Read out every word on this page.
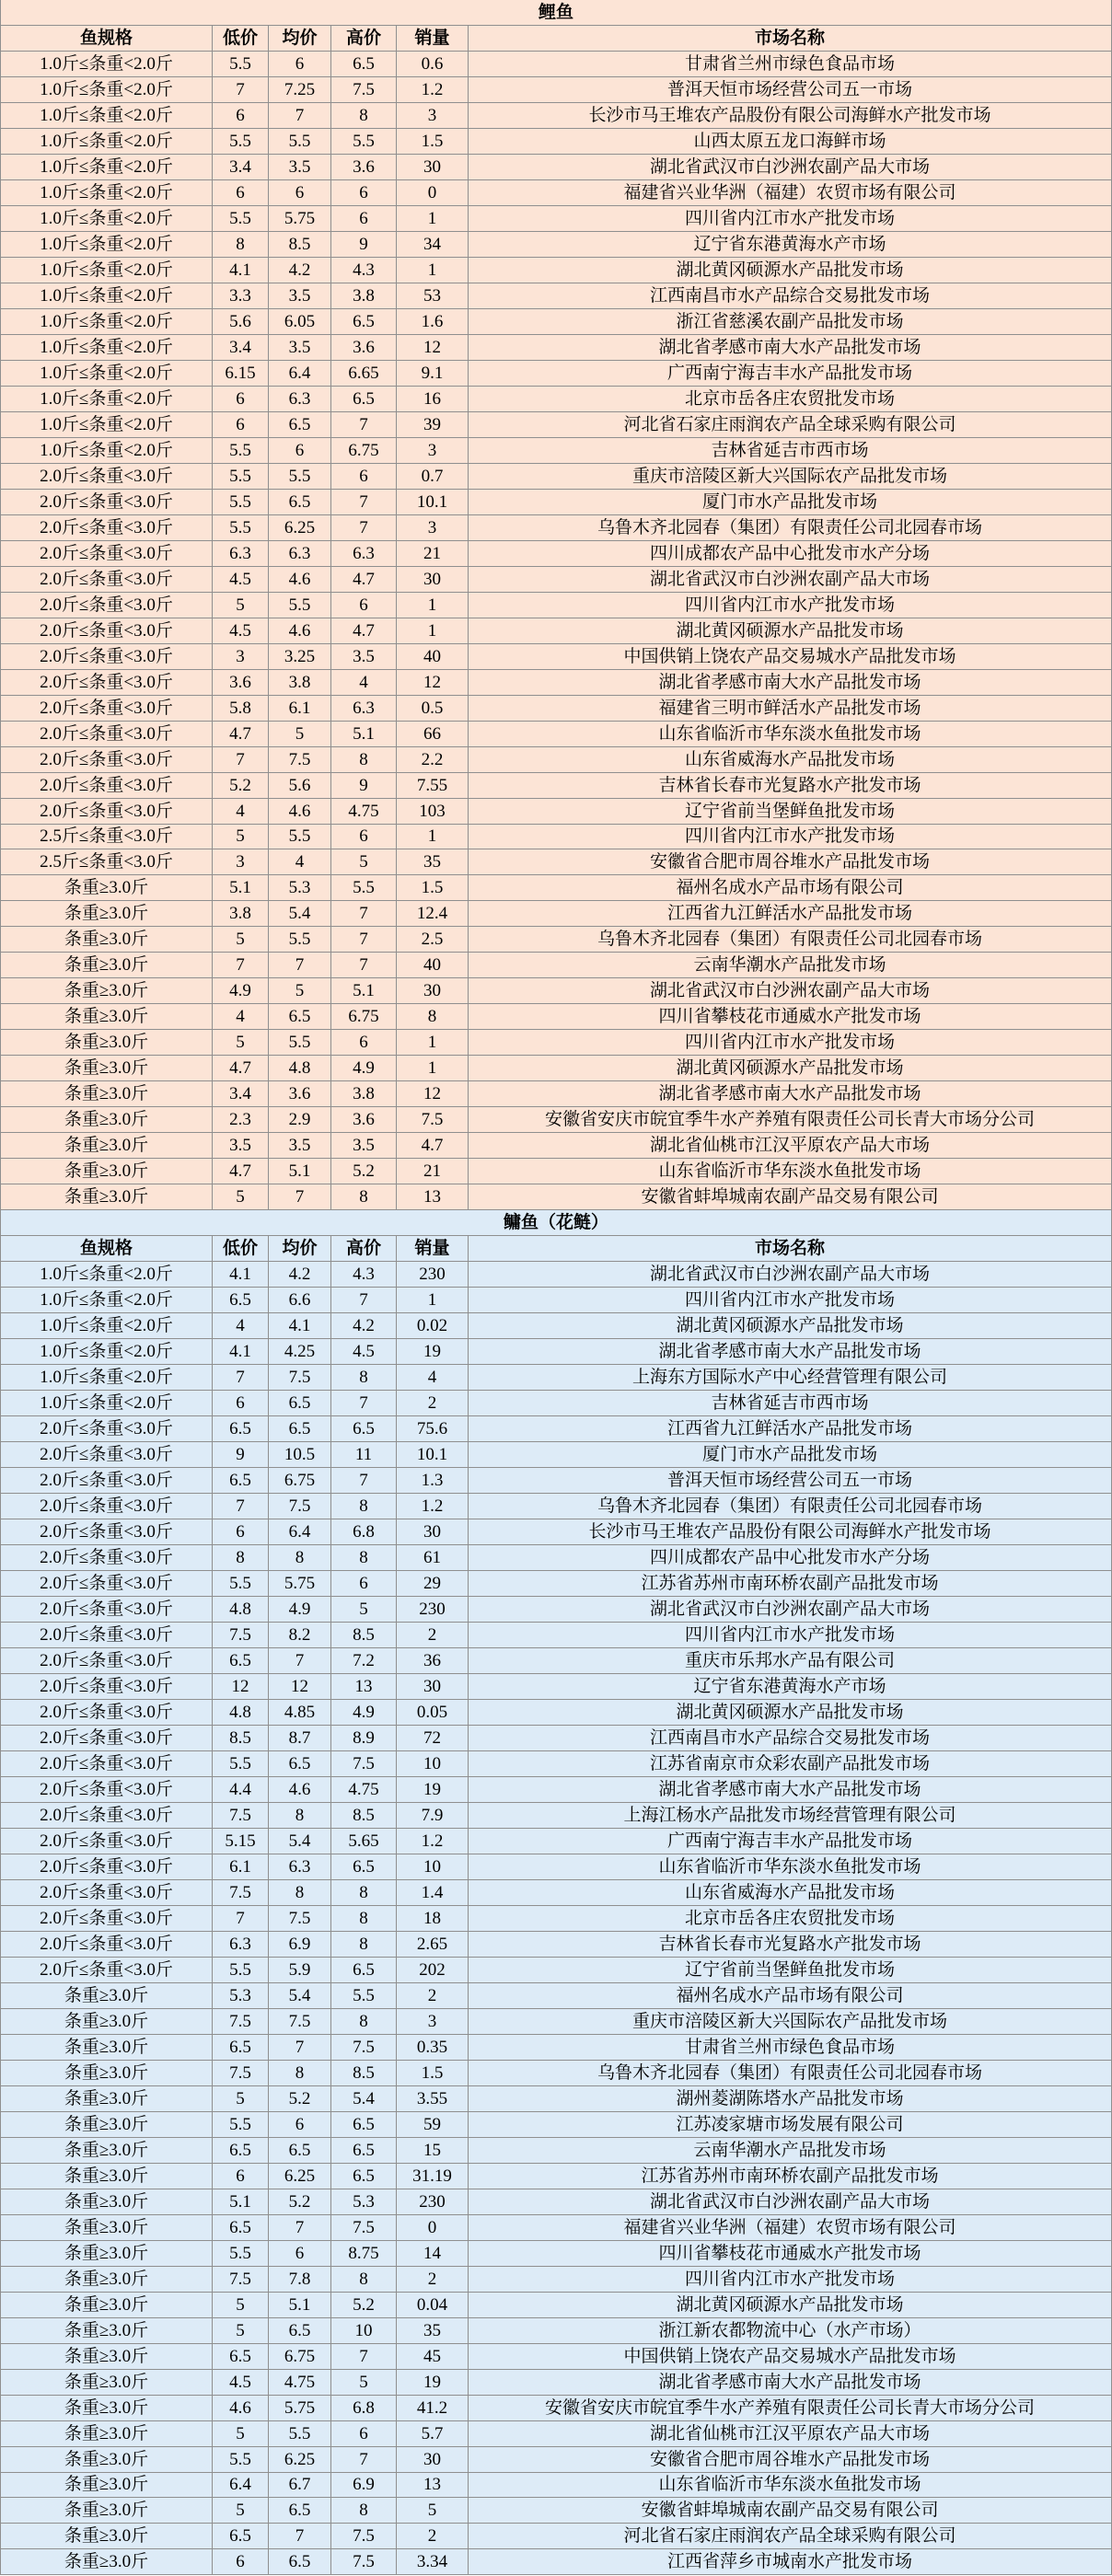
鲤鱼
鱼规格	低价	均价	高价	销量	市场名称
1.0斤≤条重<2.0斤	5.5	6	6.5	0.6	甘肃省兰州市绿色食品市场
1.0斤≤条重<2.0斤	7	7.25	7.5	1.2	普洱天恒市场经营公司五一市场
1.0斤≤条重<2.0斤	6	7	8	3	长沙市马王堆农产品股份有限公司海鲜水产批发市场
1.0斤≤条重<2.0斤	5.5	5.5	5.5	1.5	山西太原五龙口海鲜市场
1.0斤≤条重<2.0斤	3.4	3.5	3.6	30	湖北省武汉市白沙洲农副产品大市场
1.0斤≤条重<2.0斤	6	6	6	0	福建省兴业华洲（福建）农贸市场有限公司
1.0斤≤条重<2.0斤	5.5	5.75	6	1	四川省内江市水产批发市场
1.0斤≤条重<2.0斤	8	8.5	9	34	辽宁省东港黄海水产市场
1.0斤≤条重<2.0斤	4.1	4.2	4.3	1	湖北黄冈硕源水产品批发市场
1.0斤≤条重<2.0斤	3.3	3.5	3.8	53	江西南昌市水产品综合交易批发市场
1.0斤≤条重<2.0斤	5.6	6.05	6.5	1.6	浙江省慈溪农副产品批发市场
1.0斤≤条重<2.0斤	3.4	3.5	3.6	12	湖北省孝感市南大水产品批发市场
1.0斤≤条重<2.0斤	6.15	6.4	6.65	9.1	广西南宁海吉丰水产品批发市场
1.0斤≤条重<2.0斤	6	6.3	6.5	16	北京市岳各庄农贸批发市场
1.0斤≤条重<2.0斤	6	6.5	7	39	河北省石家庄雨润农产品全球采购有限公司
1.0斤≤条重<2.0斤	5.5	6	6.75	3	吉林省延吉市西市场
2.0斤≤条重<3.0斤	5.5	5.5	6	0.7	重庆市涪陵区新大兴国际农产品批发市场
2.0斤≤条重<3.0斤	5.5	6.5	7	10.1	厦门市水产品批发市场
2.0斤≤条重<3.0斤	5.5	6.25	7	3	乌鲁木齐北园春（集团）有限责任公司北园春市场
2.0斤≤条重<3.0斤	6.3	6.3	6.3	21	四川成都农产品中心批发市水产分场
2.0斤≤条重<3.0斤	4.5	4.6	4.7	30	湖北省武汉市白沙洲农副产品大市场
2.0斤≤条重<3.0斤	5	5.5	6	1	四川省内江市水产批发市场
2.0斤≤条重<3.0斤	4.5	4.6	4.7	1	湖北黄冈硕源水产品批发市场
2.0斤≤条重<3.0斤	3	3.25	3.5	40	中国供销上饶农产品交易城水产品批发市场
2.0斤≤条重<3.0斤	3.6	3.8	4	12	湖北省孝感市南大水产品批发市场
2.0斤≤条重<3.0斤	5.8	6.1	6.3	0.5	福建省三明市鲜活水产品批发市场
2.0斤≤条重<3.0斤	4.7	5	5.1	66	山东省临沂市华东淡水鱼批发市场
2.0斤≤条重<3.0斤	7	7.5	8	2.2	山东省威海水产品批发市场
2.0斤≤条重<3.0斤	5.2	5.6	9	7.55	吉林省长春市光复路水产批发市场
2.0斤≤条重<3.0斤	4	4.6	4.75	103	辽宁省前当堡鲜鱼批发市场
2.5斤≤条重<3.0斤	5	5.5	6	1	四川省内江市水产批发市场
2.5斤≤条重<3.0斤	3	4	5	35	安徽省合肥市周谷堆水产品批发市场
条重≥3.0斤	5.1	5.3	5.5	1.5	福州名成水产品市场有限公司
条重≥3.0斤	3.8	5.4	7	12.4	江西省九江鲜活水产品批发市场
条重≥3.0斤	5	5.5	7	2.5	乌鲁木齐北园春（集团）有限责任公司北园春市场
条重≥3.0斤	7	7	7	40	云南华潮水产品批发市场
条重≥3.0斤	4.9	5	5.1	30	湖北省武汉市白沙洲农副产品大市场
条重≥3.0斤	4	6.5	6.75	8	四川省攀枝花市通威水产批发市场
条重≥3.0斤	5	5.5	6	1	四川省内江市水产批发市场
条重≥3.0斤	4.7	4.8	4.9	1	湖北黄冈硕源水产品批发市场
条重≥3.0斤	3.4	3.6	3.8	12	湖北省孝感市南大水产品批发市场
条重≥3.0斤	2.3	2.9	3.6	7.5	安徽省安庆市皖宜季牛水产养殖有限责任公司长青大市场分公司
条重≥3.0斤	3.5	3.5	3.5	4.7	湖北省仙桃市江汉平原农产品大市场
条重≥3.0斤	4.7	5.1	5.2	21	山东省临沂市华东淡水鱼批发市场
条重≥3.0斤	5	7	8	13	安徽省蚌埠城南农副产品交易有限公司
鳙鱼（花鲢）
鱼规格	低价	均价	高价	销量	市场名称
1.0斤≤条重<2.0斤	4.1	4.2	4.3	230	湖北省武汉市白沙洲农副产品大市场
1.0斤≤条重<2.0斤	6.5	6.6	7	1	四川省内江市水产批发市场
1.0斤≤条重<2.0斤	4	4.1	4.2	0.02	湖北黄冈硕源水产品批发市场
1.0斤≤条重<2.0斤	4.1	4.25	4.5	19	湖北省孝感市南大水产品批发市场
1.0斤≤条重<2.0斤	7	7.5	8	4	上海东方国际水产中心经营管理有限公司
1.0斤≤条重<2.0斤	6	6.5	7	2	吉林省延吉市西市场
2.0斤≤条重<3.0斤	6.5	6.5	6.5	75.6	江西省九江鲜活水产品批发市场
2.0斤≤条重<3.0斤	9	10.5	11	10.1	厦门市水产品批发市场
2.0斤≤条重<3.0斤	6.5	6.75	7	1.3	普洱天恒市场经营公司五一市场
2.0斤≤条重<3.0斤	7	7.5	8	1.2	乌鲁木齐北园春（集团）有限责任公司北园春市场
2.0斤≤条重<3.0斤	6	6.4	6.8	30	长沙市马王堆农产品股份有限公司海鲜水产批发市场
2.0斤≤条重<3.0斤	8	8	8	61	四川成都农产品中心批发市水产分场
2.0斤≤条重<3.0斤	5.5	5.75	6	29	江苏省苏州市南环桥农副产品批发市场
2.0斤≤条重<3.0斤	4.8	4.9	5	230	湖北省武汉市白沙洲农副产品大市场
2.0斤≤条重<3.0斤	7.5	8.2	8.5	2	四川省内江市水产批发市场
2.0斤≤条重<3.0斤	6.5	7	7.2	36	重庆市乐邦水产品有限公司
2.0斤≤条重<3.0斤	12	12	13	30	辽宁省东港黄海水产市场
2.0斤≤条重<3.0斤	4.8	4.85	4.9	0.05	湖北黄冈硕源水产品批发市场
2.0斤≤条重<3.0斤	8.5	8.7	8.9	72	江西南昌市水产品综合交易批发市场
2.0斤≤条重<3.0斤	5.5	6.5	7.5	10	江苏省南京市众彩农副产品批发市场
2.0斤≤条重<3.0斤	4.4	4.6	4.75	19	湖北省孝感市南大水产品批发市场
2.0斤≤条重<3.0斤	7.5	8	8.5	7.9	上海江杨水产品批发市场经营管理有限公司
2.0斤≤条重<3.0斤	5.15	5.4	5.65	1.2	广西南宁海吉丰水产品批发市场
2.0斤≤条重<3.0斤	6.1	6.3	6.5	10	山东省临沂市华东淡水鱼批发市场
2.0斤≤条重<3.0斤	7.5	8	8	1.4	山东省威海水产品批发市场
2.0斤≤条重<3.0斤	7	7.5	8	18	北京市岳各庄农贸批发市场
2.0斤≤条重<3.0斤	6.3	6.9	8	2.65	吉林省长春市光复路水产批发市场
2.0斤≤条重<3.0斤	5.5	5.9	6.5	202	辽宁省前当堡鲜鱼批发市场
条重≥3.0斤	5.3	5.4	5.5	2	福州名成水产品市场有限公司
条重≥3.0斤	7.5	7.5	8	3	重庆市涪陵区新大兴国际农产品批发市场
条重≥3.0斤	6.5	7	7.5	0.35	甘肃省兰州市绿色食品市场
条重≥3.0斤	7.5	8	8.5	1.5	乌鲁木齐北园春（集团）有限责任公司北园春市场
条重≥3.0斤	5	5.2	5.4	3.55	湖州菱湖陈塔水产品批发市场
条重≥3.0斤	5.5	6	6.5	59	江苏凌家塘市场发展有限公司
条重≥3.0斤	6.5	6.5	6.5	15	云南华潮水产品批发市场
条重≥3.0斤	6	6.25	6.5	31.19	江苏省苏州市南环桥农副产品批发市场
条重≥3.0斤	5.1	5.2	5.3	230	湖北省武汉市白沙洲农副产品大市场
条重≥3.0斤	6.5	7	7.5	0	福建省兴业华洲（福建）农贸市场有限公司
条重≥3.0斤	5.5	6	8.75	14	四川省攀枝花市通威水产批发市场
条重≥3.0斤	7.5	7.8	8	2	四川省内江市水产批发市场
条重≥3.0斤	5	5.1	5.2	0.04	湖北黄冈硕源水产品批发市场
条重≥3.0斤	5	6.5	10	35	浙江新农都物流中心（水产市场）
条重≥3.0斤	6.5	6.75	7	45	中国供销上饶农产品交易城水产品批发市场
条重≥3.0斤	4.5	4.75	5	19	湖北省孝感市南大水产品批发市场
条重≥3.0斤	4.6	5.75	6.8	41.2	安徽省安庆市皖宜季牛水产养殖有限责任公司长青大市场分公司
条重≥3.0斤	5	5.5	6	5.7	湖北省仙桃市江汉平原农产品大市场
条重≥3.0斤	5.5	6.25	7	30	安徽省合肥市周谷堆水产品批发市场
条重≥3.0斤	6.4	6.7	6.9	13	山东省临沂市华东淡水鱼批发市场
条重≥3.0斤	5	6.5	8	5	安徽省蚌埠城南农副产品交易有限公司
条重≥3.0斤	6.5	7	7.5	2	河北省石家庄雨润农产品全球采购有限公司
条重≥3.0斤	6	6.5	7.5	3.34	江西省萍乡市城南水产批发市场
